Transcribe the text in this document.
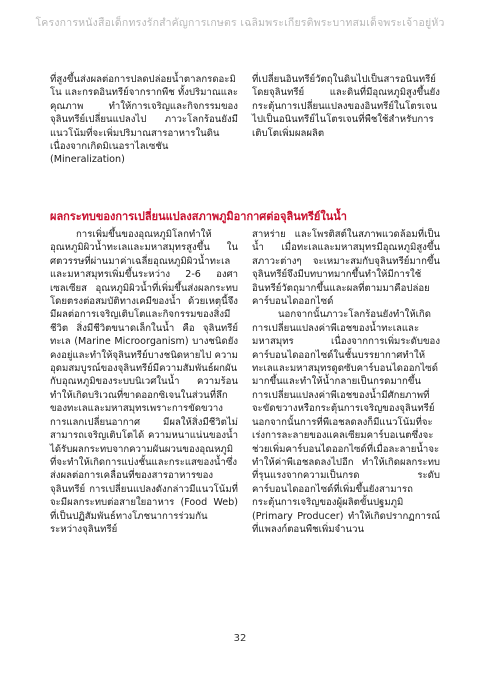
โครงการหนังสือเด็กทรงรักสำคัญการเกษตร เฉลิมพระเกียรติพระบาทสมเด็จพระเจ้าอยู่หัว

ที่สูงขึ้นส่งผลต่อการปลดปล่อยน้ำตาลกรดอะมิโน และกรดอินทรีย์จากรากพืช ทั้งปริมาณและคุณภาพ ทำให้การเจริญและกิจกรรมของจุลินทรีย์เปลี่ยนแปลงไป ภาวะโลกร้อนยังมีแนวโน้มที่จะเพิ่มปริมาณสารอาหารในดินเนื่องจากเกิดมิเนอราไลเซชัน (Mineralization)

ที่เปลี่ยนอินทรีย์วัตถุในดินไปเป็นสารอนินทรีย์โดยจุลินทรีย์ และดินที่มีอุณหภูมิสูงขึ้นยังกระตุ้นการเปลี่ยนแปลงของอินทรีย์ในโตรเจนไปเป็นอนินทรีย์ไนโตรเจนที่พืชใช้สำหรับการเติบโตเพิ่มผลผลิต

ผลกระทบของการเปลี่ยนแปลงสภาพภูมิอากาศต่อจุลินทรีย์ในน้ำ

การเพิ่มขึ้นของอุณหภูมิโลกทำให้อุณหภูมิผิวน้ำทะเลและมหาสมุทรสูงขึ้น ในศตวรรษที่ผ่านมาค่าเฉลี่ยอุณหภูมิผิวน้ำทะเลและมหาสมุทรเพิ่มขึ้นระหว่าง 2-6 องศาเซลเซียส อุณหภูมิผิวน้ำที่เพิ่มขึ้นส่งผลกระทบโดยตรงต่อสมบัติทางเคมีของน้ำ ด้วยเหตุนี้จึงมีผลต่อการเจริญเติบโตและกิจกรรมของสิ่งมีชีวิต สิ่งมีชีวิตขนาดเล็กในน้ำ คือ จุลินทรีย์ทะเล (Marine Microorganism) บางชนิดยังคงอยู่และทำให้จุลินทรีย์บางชนิดหายไป ความอุดมสมบูรณ์ของจุลินทรีย์มีความสัมพันธ์ผกผันกับอุณหภูมิของระบบนิเวศในน้ำ ความร้อนทำให้เกิดบริเวณที่ขาดออกซิเจนในส่วนที่ลึกของทะเลและมหาสมุทรเพราะการขัดขวางการแลกเปลี่ยนอากาศ มีผลให้สิ่งมีชีวิตไม่สามารถเจริญเติบโตได้ ความหนาแน่นของน้ำได้รับผลกระทบจากความผันผวนของอุณหภูมิที่จะทำให้เกิดการแบ่งชั้นและกระแสของน้ำซึ่งส่งผลต่อการเคลื่อนที่ของสารอาหารของจุลินทรีย์ การเปลี่ยนแปลงดังกล่าวมีแนวโน้มที่จะมีผลกระทบต่อสายใยอาหาร (Food Web) ที่เป็นปฏิสัมพันธ์ทางโภชนาการร่วมกันระหว่างจุลินทรีย์

สาหร่าย และโพรติสต์ในสภาพแวดล้อมที่เป็นน้ำ เมื่อทะเลและมหาสมุทรมีอุณหภูมิสูงขึ้นสภาวะต่างๆ จะเหมาะสมกับจุลินทรีย์มากขึ้น จุลินทรีย์จึงมีบทบาทมากขึ้นทำให้มีการใช้อินทรีย์วัตถุมากขึ้นและผลที่ตามมาคือปล่อยคาร์บอนไดออกไซด์

นอกจากนั้นภาวะโลกร้อนยังทำให้เกิดการเปลี่ยนแปลงค่าพีเอชของน้ำทะเลและมหาสมุทร เนื่องจากการเพิ่มระดับของคาร์บอนไดออกไซด์ในชั้นบรรยากาศทำให้ทะเลและมหาสมุทรดูดซับคาร์บอนไดออกไซด์มากขึ้นและทำให้น้ำกลายเป็นกรดมากขึ้น การเปลี่ยนแปลงค่าพีเอชของน้ำมีศักยภาพที่จะขัดขวางหรือกระตุ้นการเจริญของจุลินทรีย์ นอกจากนั้นการที่พีเอชลดลงก็มีแนวโน้มที่จะเร่งการละลายของแคลเซียมคาร์บอเนตซึ่งจะช่วยเพิ่มคาร์บอนไดออกไซด์ที่เมื่อละลายน้ำจะทำให้ค่าพีเอชลดลงไปอีก ทำให้เกิดผลกระทบที่รุนแรงจากความเป็นกรด ระดับคาร์บอนไดออกไซด์ที่เพิ่มขึ้นยังสามารถกระตุ้นการเจริญของผู้ผลิตขั้นปฐมภูมิ (Primary Producer) ทำให้เกิดปรากฏการณ์ที่แพลงก์ตอนพืชเพิ่มจำนวน

32
